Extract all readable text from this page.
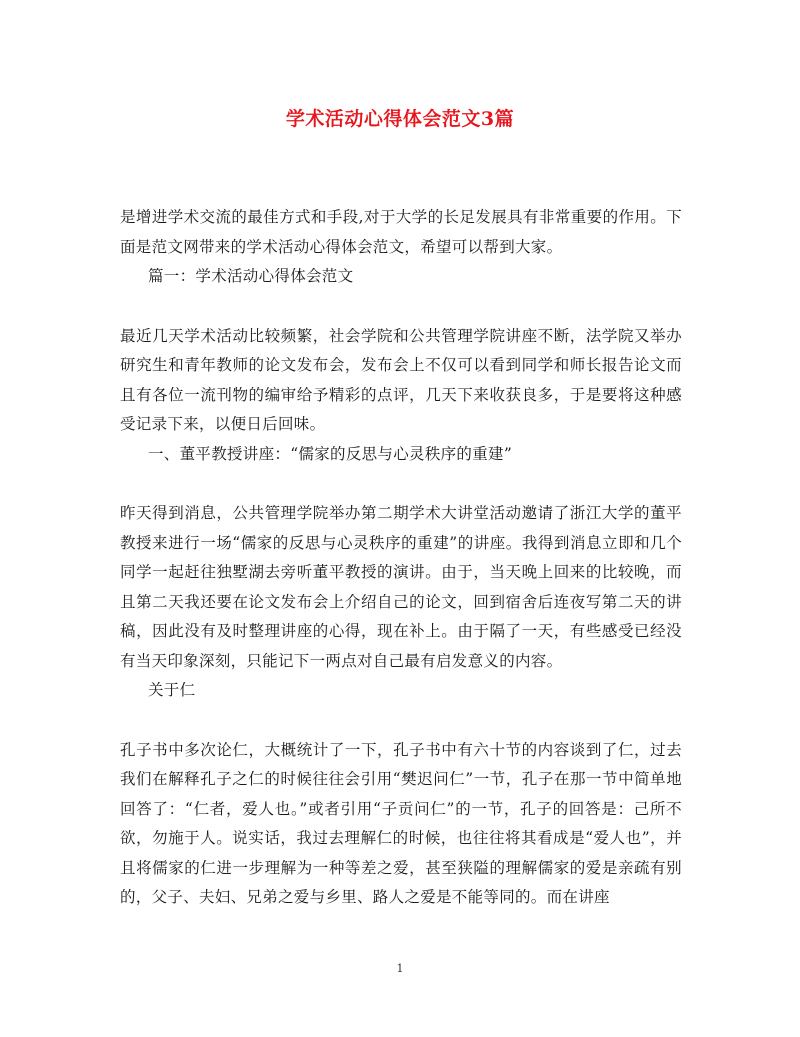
学术活动心得体会范文3篇

是增进学术交流的最佳方式和手段,对于大学的长足发展具有非常重要的作用。下面是范文网带来的学术活动心得体会范文，希望可以帮到大家。

篇一：学术活动心得体会范文

最近几天学术活动比较频繁，社会学院和公共管理学院讲座不断，法学院又举办研究生和青年教师的论文发布会，发布会上不仅可以看到同学和师长报告论文而且有各位一流刊物的编审给予精彩的点评，几天下来收获良多，于是要将这种感受记录下来，以便日后回味。

一、董平教授讲座：“儒家的反思与心灵秩序的重建”

昨天得到消息，公共管理学院举办第二期学术大讲堂活动邀请了浙江大学的董平教授来进行一场“儒家的反思与心灵秩序的重建”的讲座。我得到消息立即和几个同学一起赶往独墅湖去旁听董平教授的演讲。由于，当天晚上回来的比较晚，而且第二天我还要在论文发布会上介绍自己的论文，回到宿舍后连夜写第二天的讲稿，因此没有及时整理讲座的心得，现在补上。由于隔了一天，有些感受已经没有当天印象深刻，只能记下一两点对自己最有启发意义的内容。

关于仁

孔子书中多次论仁，大概统计了一下，孔子书中有六十节的内容谈到了仁，过去我们在解释孔子之仁的时候往往会引用“樊迟问仁”一节，孔子在那一节中简单地回答了：“仁者，爱人也。”或者引用“子贡问仁”的一节，孔子的回答是：己所不欲，勿施于人。说实话，我过去理解仁的时候，也往往将其看成是“爱人也”，并且将儒家的仁进一步理解为一种等差之爱，甚至狭隘的理解儒家的爱是亲疏有别的，父子、夫妇、兄弟之爱与乡里、路人之爱是不能等同的。而在讲座

1
